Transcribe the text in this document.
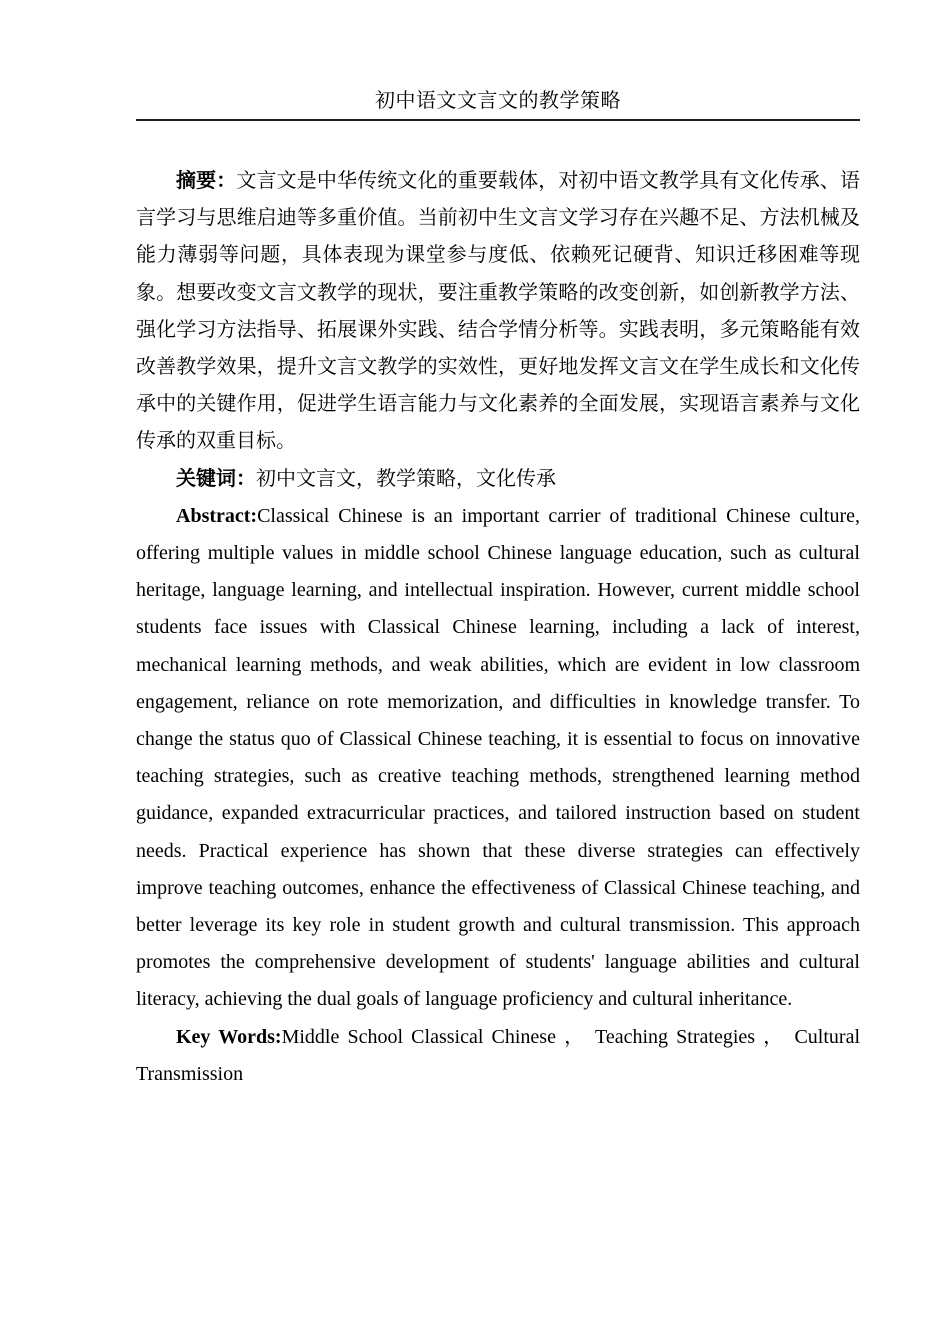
初中语文文言文的教学策略

摘要：文言文是中华传统文化的重要载体，对初中语文教学具有文化传承、语言学习与思维启迪等多重价值。当前初中生文言文学习存在兴趣不足、方法机械及能力薄弱等问题，具体表现为课堂参与度低、依赖死记硬背、知识迁移困难等现象。想要改变文言文教学的现状，要注重教学策略的改变创新，如创新教学方法、强化学习方法指导、拓展课外实践、结合学情分析等。实践表明，多元策略能有效改善教学效果，提升文言文教学的实效性，更好地发挥文言文在学生成长和文化传承中的关键作用，促进学生语言能力与文化素养的全面发展，实现语言素养与文化传承的双重目标。

关键词：初中文言文，教学策略，文化传承

Abstract:Classical Chinese is an important carrier of traditional Chinese culture, offering multiple values in middle school Chinese language education, such as cultural heritage, language learning, and intellectual inspiration. However, current middle school students face issues with Classical Chinese learning, including a lack of interest, mechanical learning methods, and weak abilities, which are evident in low classroom engagement, reliance on rote memorization, and difficulties in knowledge transfer. To change the status quo of Classical Chinese teaching, it is essential to focus on innovative teaching strategies, such as creative teaching methods, strengthened learning method guidance, expanded extracurricular practices, and tailored instruction based on student needs. Practical experience has shown that these diverse strategies can effectively improve teaching outcomes, enhance the effectiveness of Classical Chinese teaching, and better leverage its key role in student growth and cultural transmission. This approach promotes the comprehensive development of students' language abilities and cultural literacy, achieving the dual goals of language proficiency and cultural inheritance.

Key Words:Middle School Classical Chinese ， Teaching Strategies ， Cultural Transmission
